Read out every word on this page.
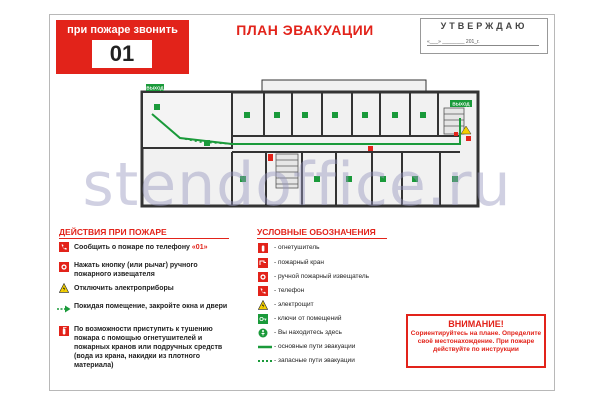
при пожаре звонить
01
ПЛАН ЭВАКУАЦИИ	УТВЕРЖДАЮ
«___» ________ 201_г.
ВЫХОД
ВЫХОД
stendoffice.ru
ДЕЙСТВИЯ ПРИ ПОЖАРЕ
Сообщить о пожаре по телефону «01»
Нажать кнопку (или рычаг) ручного пожарного извещателя
Отключить электроприборы
Покидая помещение, закройте окна и двери
По возможности приступить к тушению пожара с помощью огнетушителей и пожарных кранов или подручных средств (вода из крана, накидки из плотного материала)
УСЛОВНЫЕ ОБОЗНАЧЕНИЯ
- огнетушитель
- пожарный кран
- ручной пожарный извещатель
- телефон
- электрощит
- ключи от помещений
- Вы находитесь здесь
- основные пути эвакуации
- запасные пути эвакуации
ВНИМАНИЕ!
Сориентируйтесь на плане. Определите своё местонахождение. При пожаре действуйте по инструкции
